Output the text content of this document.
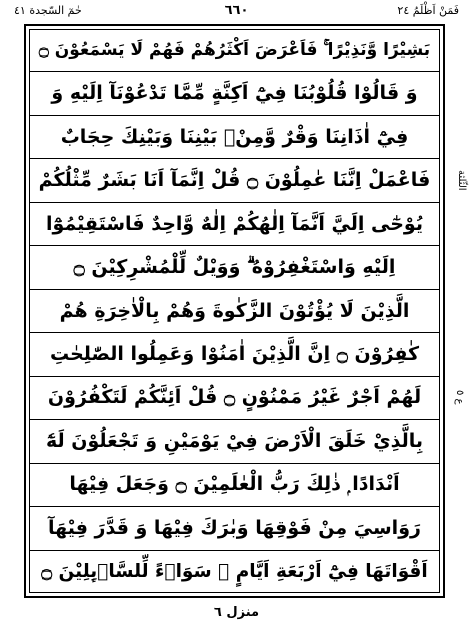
حٰمٓ السّجدة ٤١	٦٦٠	فَمَنْ اَظْلَمُ ٢٤
بَشِيْرًا وَّنَذِيْرًا ۚ فَاَعْرَضَ اَكْثَرُهُمْ فَهُمْ لَا يَسْمَعُوْنَ ۝
وَ قَالُوْا قُلُوْبُنَا فِيْٓ اَكِنَّةٍ مِّمَّا تَدْعُوْنَآ اِلَيْهِ وَ
فِيْٓ اٰذَانِنَا وَقْرٌ وَّمِنْۢ بَيْنِنَا وَبَيْنِكَ حِجَابٌ
فَاعْمَلْ اِنَّنَا عٰمِلُوْنَ ۝ قُلْ اِنَّمَآ اَنَا بَشَرٌ مِّثْلُكُمْ
يُوْحٰٓى اِلَيَّ اَنَّمَآ اِلٰهُكُمْ اِلٰهٌ وَّاحِدٌ فَاسْتَقِيْمُوْٓا
اِلَيْهِ وَاسْتَغْفِرُوْهُ ۗ وَوَيْلٌ لِّلْمُشْرِكِيْنَ ۝
الَّذِيْنَ لَا يُؤْتُوْنَ الزَّكٰوةَ وَهُمْ بِالْاٰخِرَةِ هُمْ
كٰفِرُوْنَ ۝ اِنَّ الَّذِيْنَ اٰمَنُوْا وَعَمِلُوا الصّٰلِحٰتِ
لَهُمْ اَجْرٌ غَيْرُ مَمْنُوْنٍ ۝ قُلْ اَئِنَّكُمْ لَتَكْفُرُوْنَ
بِالَّذِيْ خَلَقَ الْاَرْضَ فِيْ يَوْمَيْنِ وَ تَجْعَلُوْنَ لَهٗٓ
اَنْدَادًا ۭ ذٰلِكَ رَبُّ الْعٰلَمِيْنَ ۝ وَجَعَلَ فِيْهَا
رَوَاسِيَ مِنْ فَوْقِهَا وَبٰرَكَ فِيْهَا وَ قَدَّرَ فِيْهَآ
اَقْوَاتَهَا فِيْٓ اَرْبَعَةِ اَيَّامٍ ۭ سَوَاۗءً لِّلسَّاۗىِٕلِيْنَ ۝
الثّلثة
ع ٥
منزل ٦
